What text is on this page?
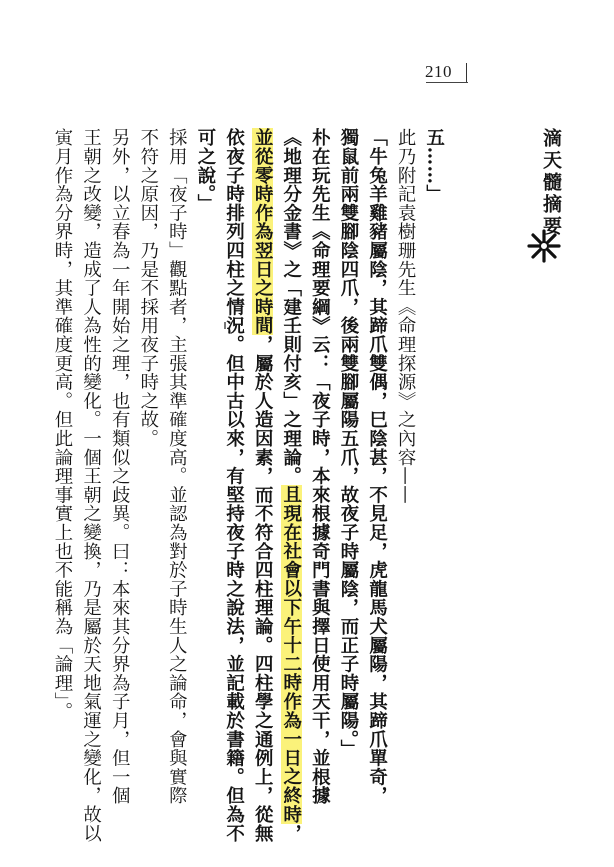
210
滴天髓摘要

五……」

此乃附記袁樹珊先生《命理探源》之內容——

「牛兔羊雞豬屬陰，其蹄爪雙偶，巳陰甚，不見足，虎龍馬犬屬陽，其蹄爪單奇，

獨鼠前兩雙腳陰四爪，後兩雙腳屬陽五爪，故夜子時屬陰，而正子時屬陽。」

朴在玩先生《命理要綱》云：「夜子時，本來根據奇門書與擇日使用天干，並根據

《地理分金書》之「建壬則付亥」之理論。且現在社會以下午十二時作為一日之終時，

並從零時作為翌日之時間，屬於人造因素，而不符合四柱理論。四柱學之通例上，從無

依夜子時排列四柱之情況。但中古以來，有堅持夜子時之說法，並記載於書籍。但為不

可之說。」

採用「夜子時」觀點者，主張其準確度高。並認為對於子時生人之論命，會與實際

不符之原因，乃是不採用夜子時之故。

另外，以立春為一年開始之理，也有類似之歧異。曰：本來其分界為子月，但一個

王朝之改變，造成了人為性的變化。一個王朝之變換，乃是屬於天地氣運之變化，故以

寅月作為分界時，其準確度更高。但此論理事實上也不能稱為「論理」。
